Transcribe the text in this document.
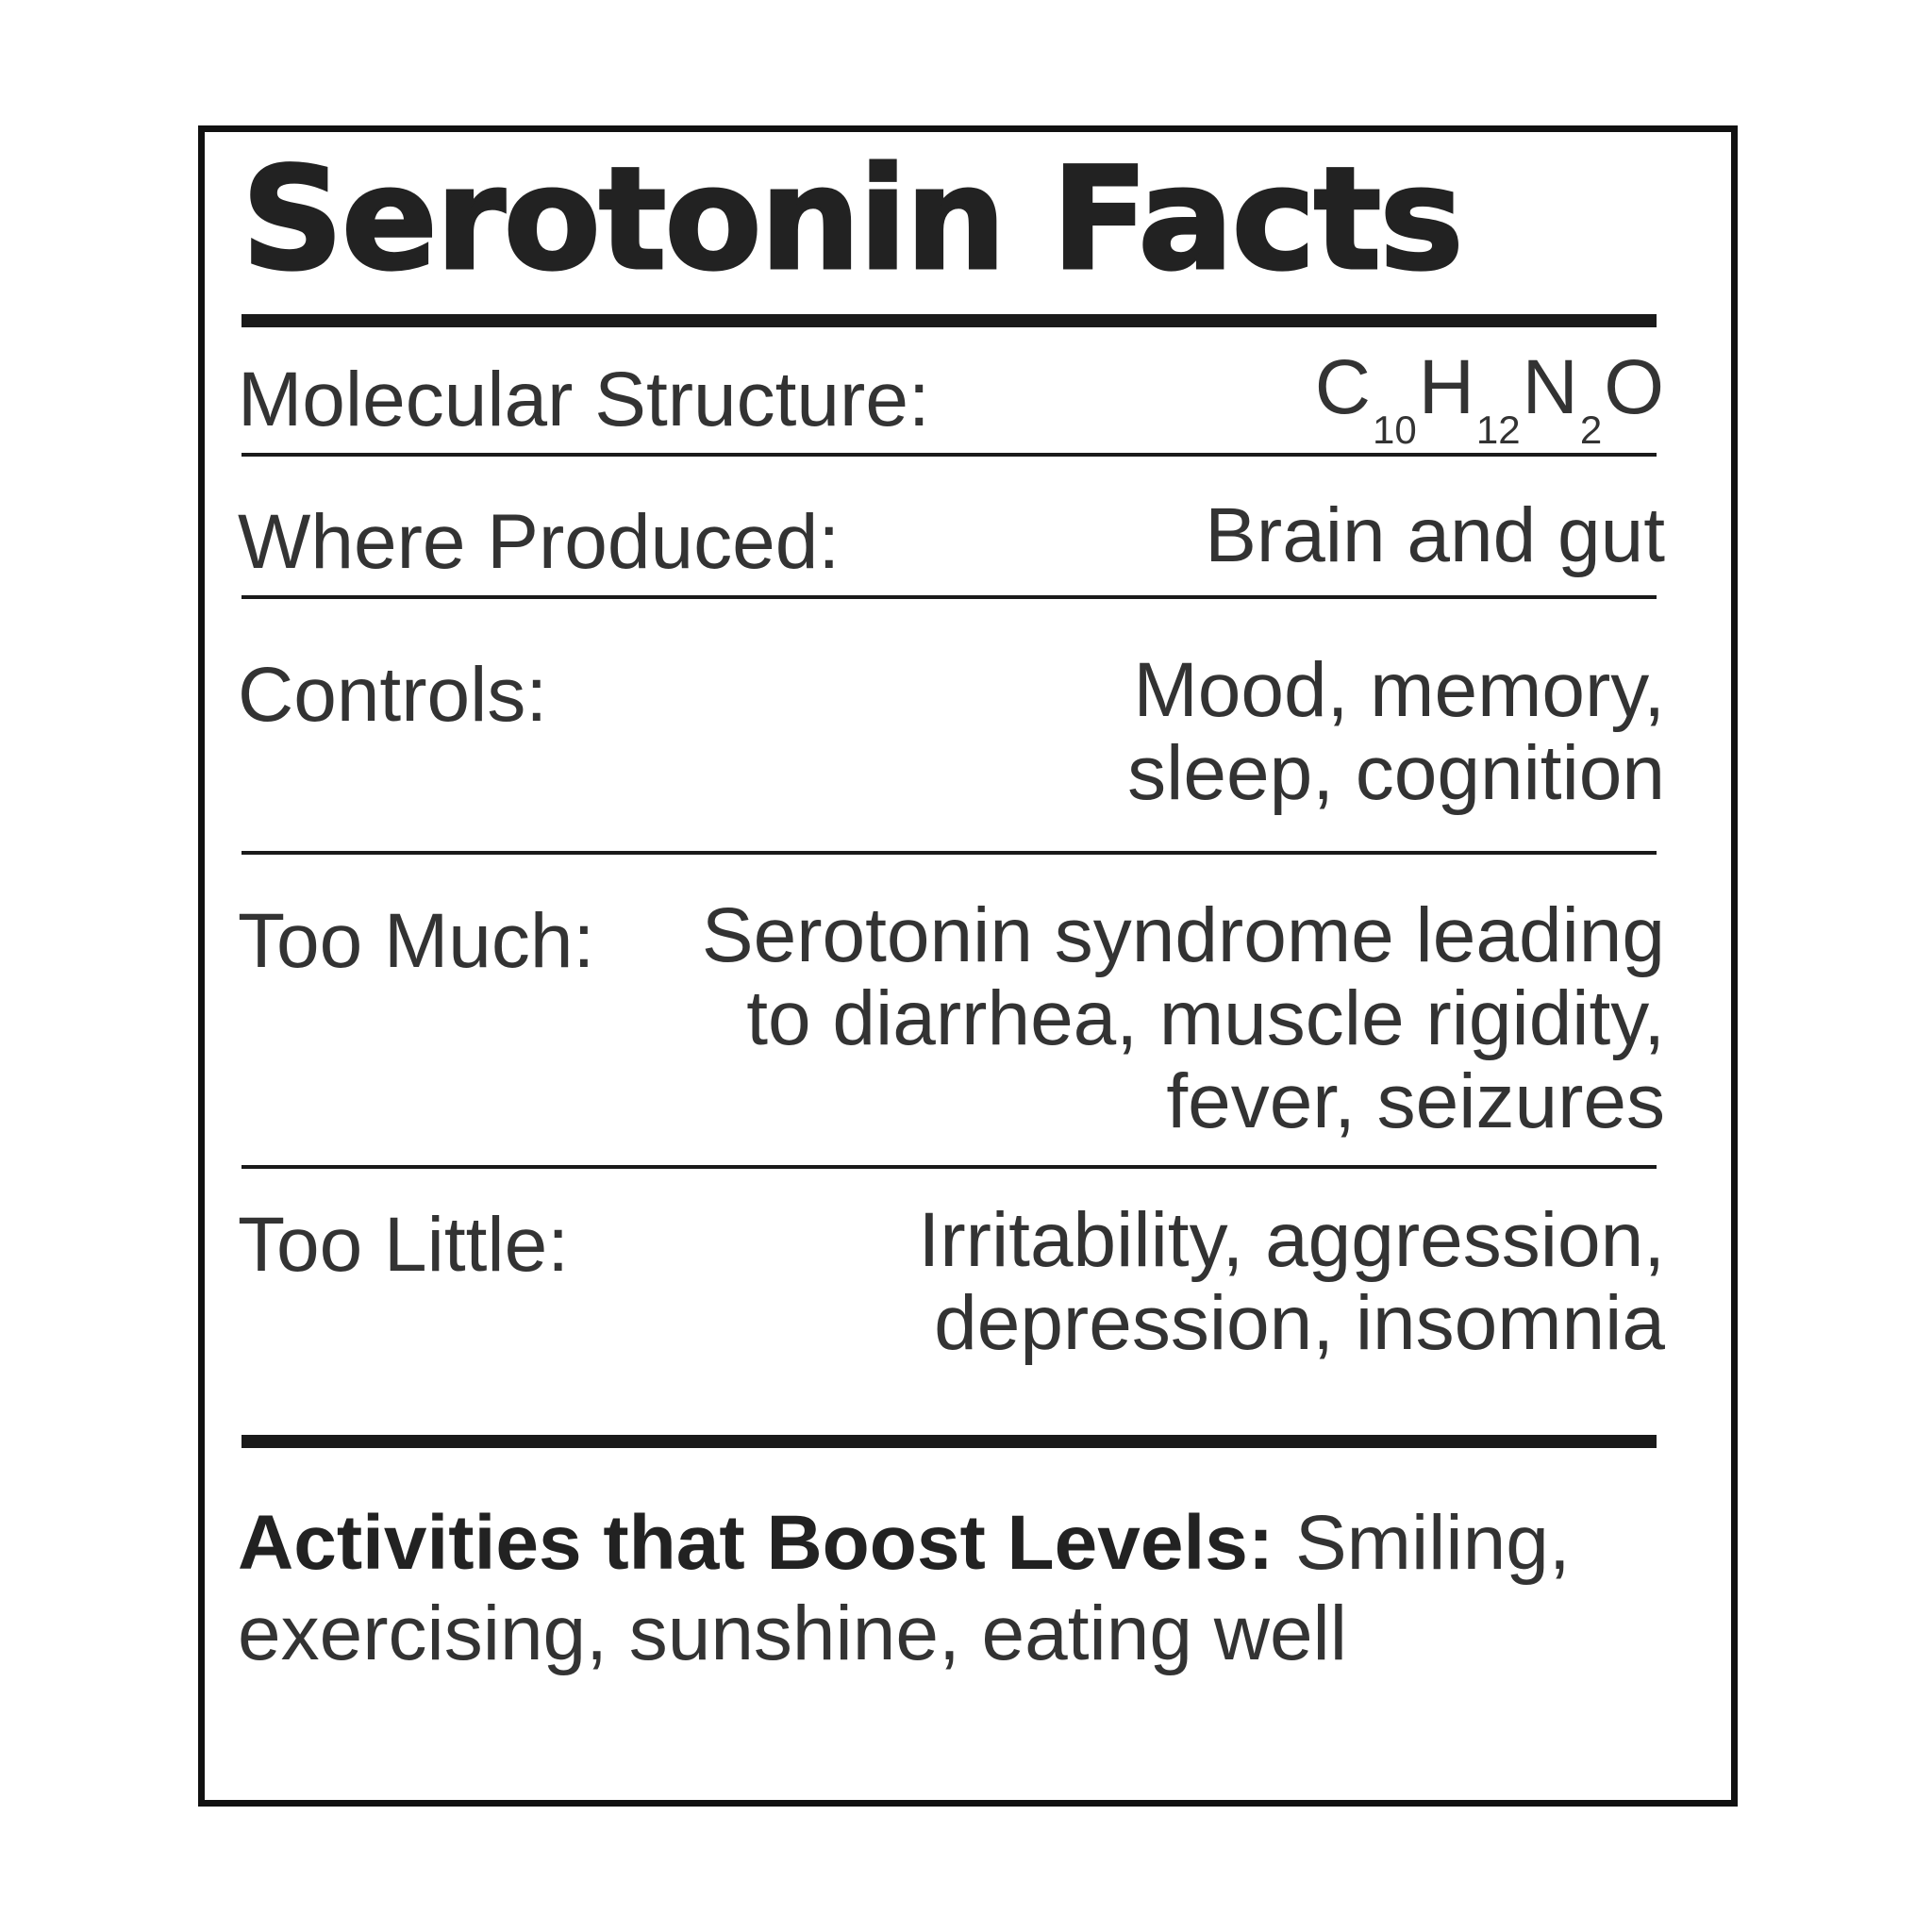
Serotonin Facts
Molecular Structure:	$C_{10}H_{12}N_2O$
Where Produced:	Brain and gut
Controls:	Mood, memory,
sleep, cognition
Too Much: Serotonin syndrome leading
to diarrhea, muscle rigidity,
fever, seizures
Too Little:	Irritability, aggression,
depression, insomnia
Activities that Boost Levels: Smiling, exercising, sunshine, eating well
